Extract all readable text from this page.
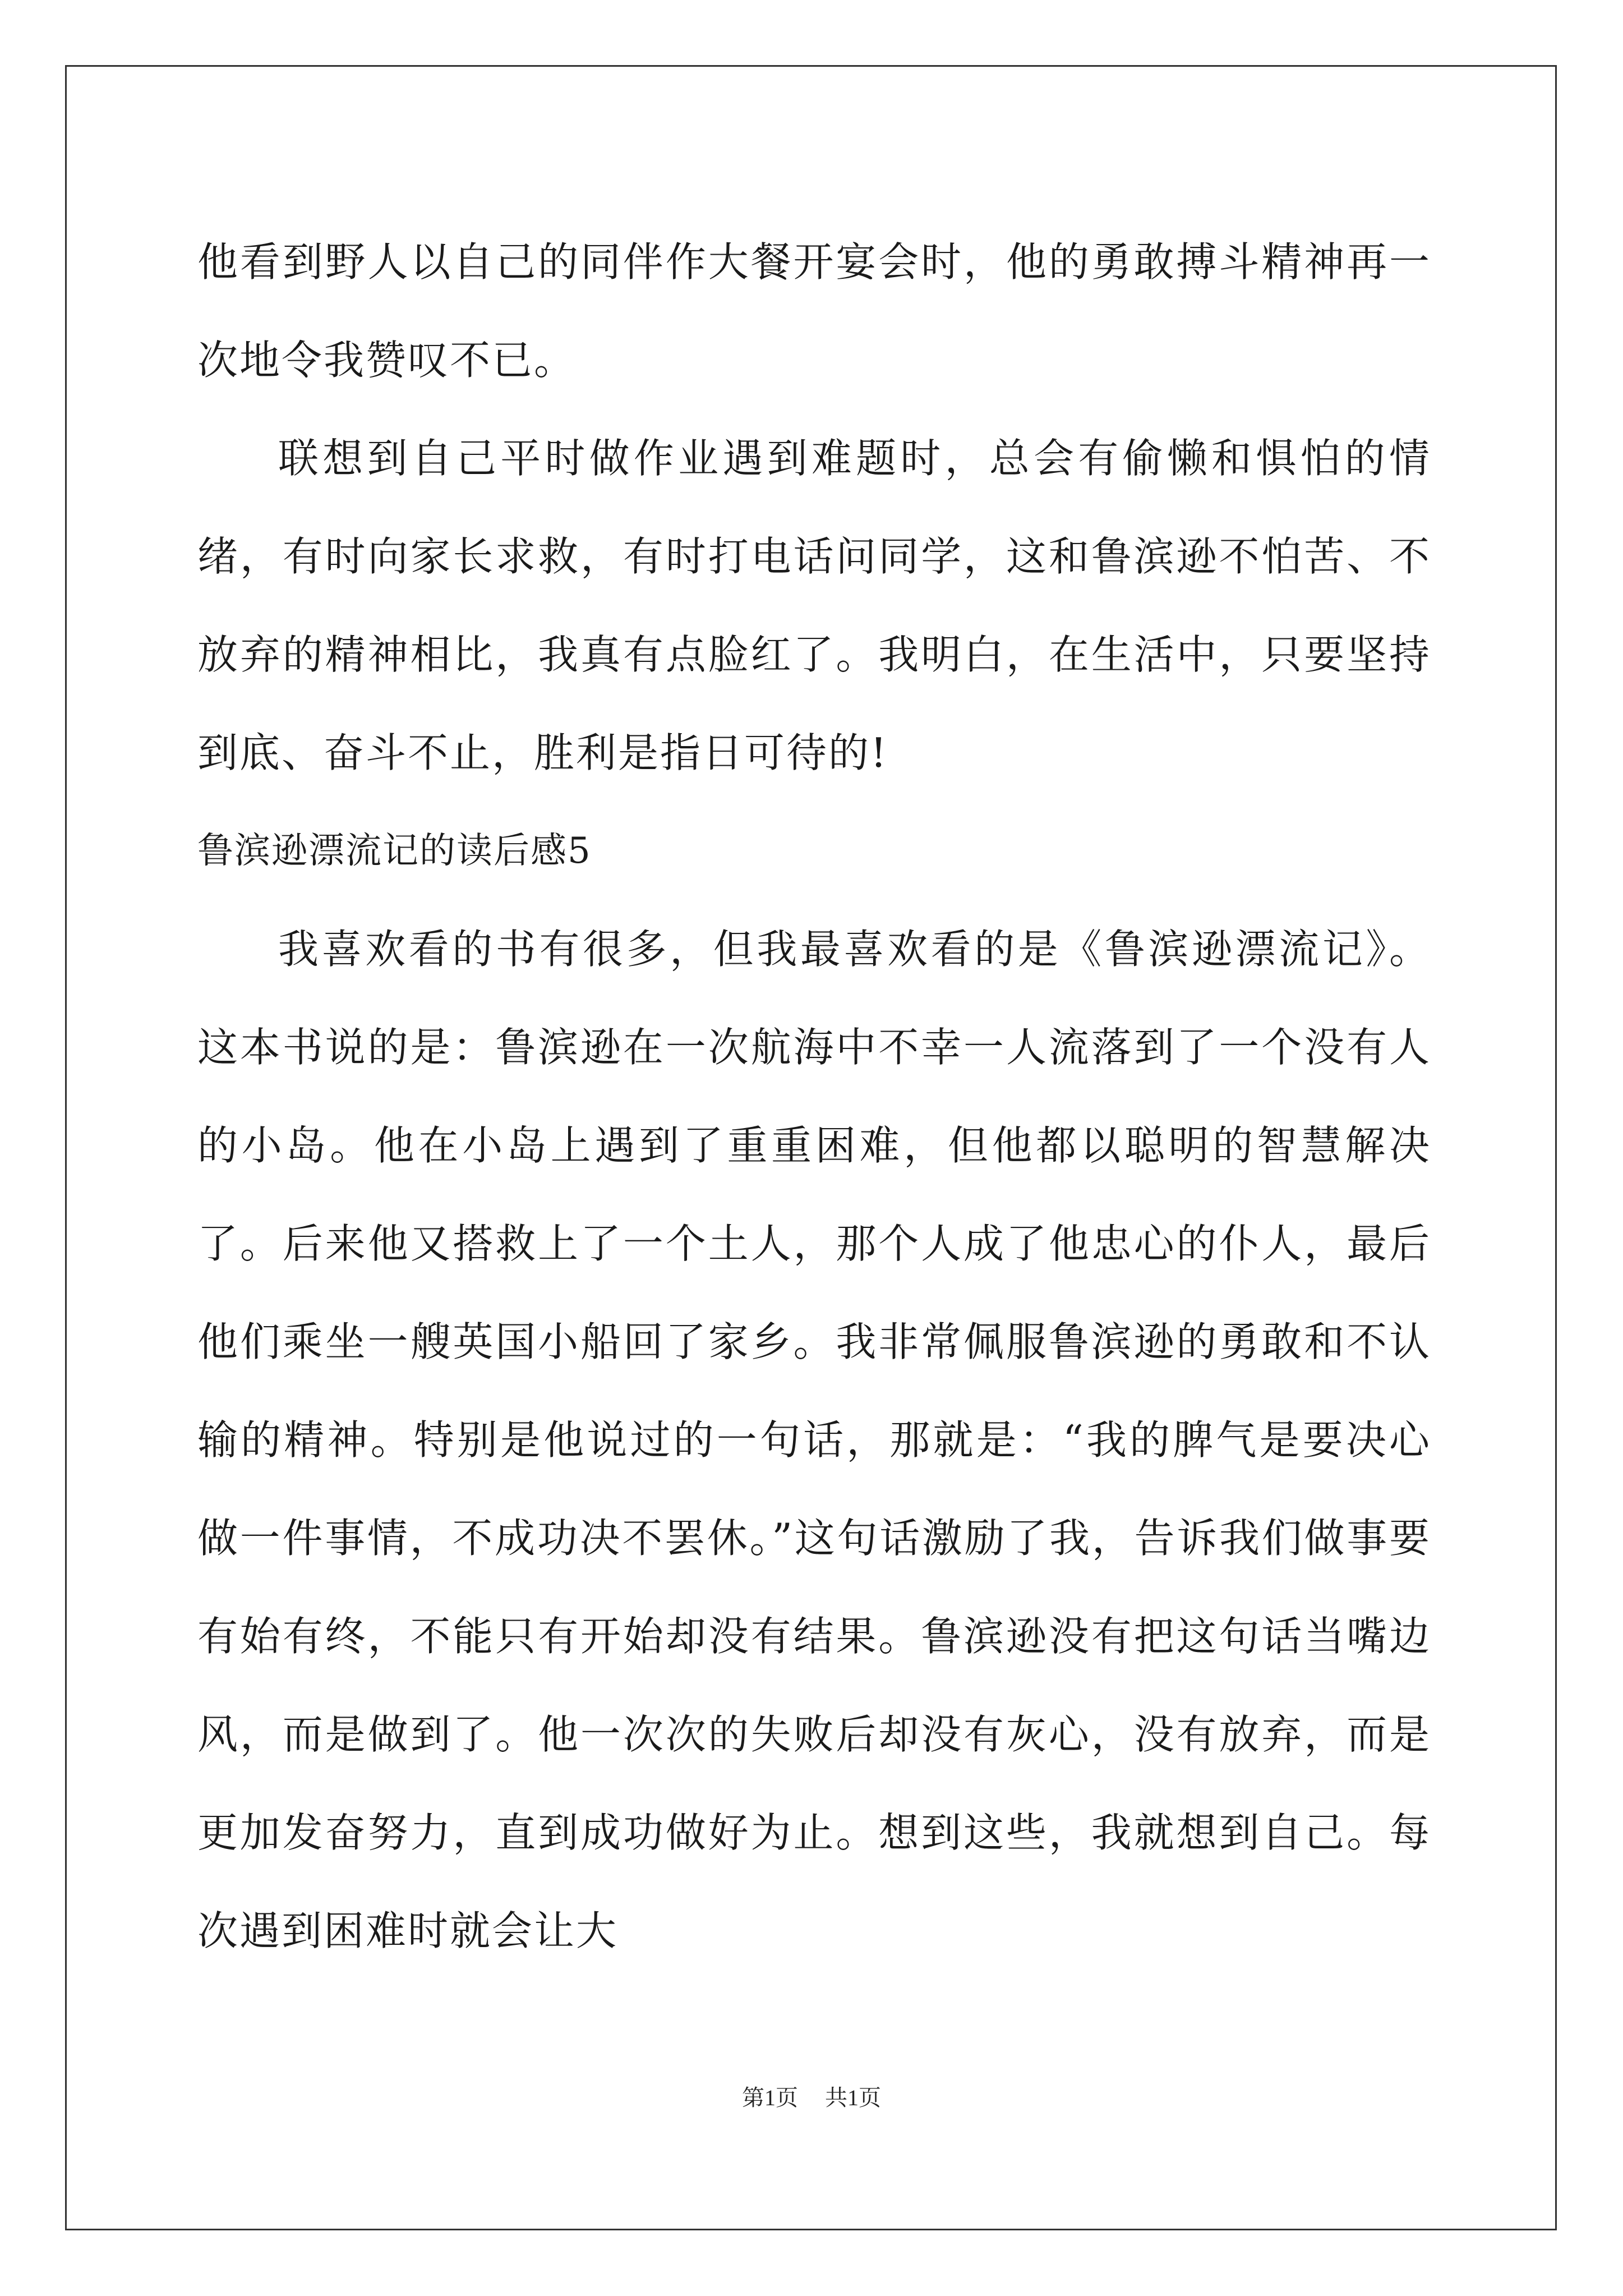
他看到野人以自己的同伴作大餐开宴会时，他的勇敢搏斗精神再一次地令我赞叹不已。

联想到自己平时做作业遇到难题时，总会有偷懒和惧怕的情绪，有时向家长求救，有时打电话问同学，这和鲁滨逊不怕苦、不放弃的精神相比，我真有点脸红了。我明白，在生活中，只要坚持到底、奋斗不止，胜利是指日可待的!

鲁滨逊漂流记的读后感5

我喜欢看的书有很多，但我最喜欢看的是《鲁滨逊漂流记》。 这本书说的是：鲁滨逊在一次航海中不幸一人流落到了一个没有人的小岛。他在小岛上遇到了重重困难，但他都以聪明的智慧解决了。后来他又搭救上了一个土人，那个人成了他忠心的仆人，最后他们乘坐一艘英国小船回了家乡。我非常佩服鲁滨逊的勇敢和不认输的精神。特别是他说过的一句话，那就是：“我的脾气是要决心做一件事情，不成功决不罢休。”这句话激励了我，告诉我们做事要有始有终，不能只有开始却没有结果。鲁滨逊没有把这句话当嘴边风，而是做到了。他一次次的失败后却没有灰心，没有放弃，而是更加发奋努力，直到成功做好为止。想到这些，我就想到自己。每次遇到困难时就会让大

第1页 共1页
